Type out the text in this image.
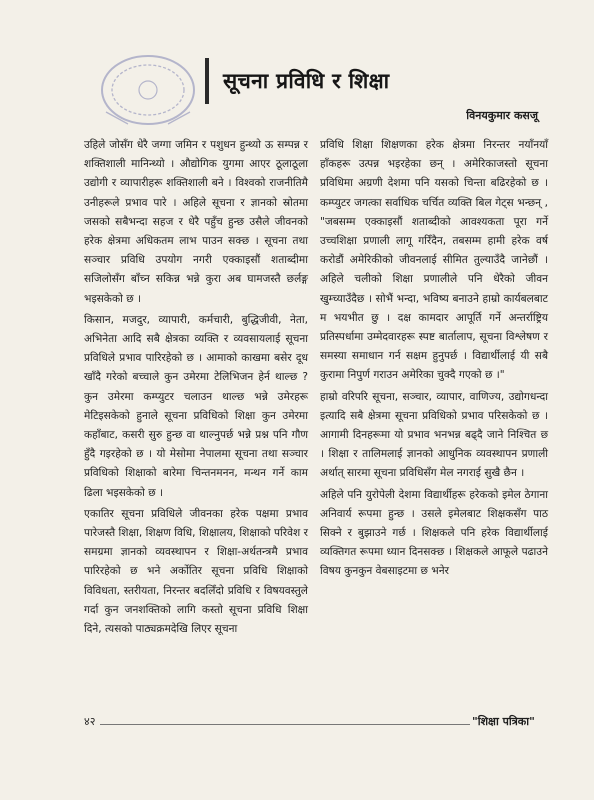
सूचना प्रविधि र शिक्षा
विनयकुमार कसजू

उहिले जोसँग धेरै जग्गा जमिन र पशुधन हुन्थ्यो ऊ सम्पन्न र शक्तिशाली मानिन्थ्यो । औद्योगिक युगमा आएर ठूलाठूला उद्योगी र व्यापारीहरू शक्तिशाली बने । विश्वको राजनीतिमै उनीहरूले प्रभाव पारे । अहिले सूचना र ज्ञानको स्रोतमा जसको सबैभन्दा सहज र धेरै पहुँच हुन्छ उसैले जीवनको हरेक क्षेत्रमा अधिकतम लाभ पाउन सक्छ । सूचना तथा सञ्चार प्रविधि उपयोग नगरी एक्काइसौं शताब्दीमा सजिलोसँग बाँच्न सकिन्न भन्ने कुरा अब घामजस्तै छर्लङ्ग भइसकेको छ ।

किसान, मजदुर, व्यापारी, कर्मचारी, बुद्धिजीवी, नेता, अभिनेता आदि सबै क्षेत्रका व्यक्ति र व्यवसायलाई सूचना प्रविधिले प्रभाव पारिरहेको छ । आमाको काखमा बसेर दूध खाँदै गरेको बच्चाले कुन उमेरमा टेलिभिजन हेर्न थाल्छ ? कुन उमेरमा कम्प्युटर चलाउन थाल्छ भन्ने उमेरहरू मेटिइसकेको हुनाले सूचना प्रविधिको शिक्षा कुन उमेरमा कहाँबाट, कसरी सुरु हुन्छ वा थाल्नुपर्छ भन्ने प्रश्न पनि गौण हुँदै गइरहेको छ । यो मेसोमा नेपालमा सूचना तथा सञ्चार प्रविधिको शिक्षाको बारेमा चिन्तनमनन, मन्थन गर्ने काम ढिला भइसकेको छ ।

एकातिर सूचना प्रविधिले जीवनका हरेक पक्षमा प्रभाव पारेजस्तै शिक्षा, शिक्षण विधि, शिक्षालय, शिक्षाको परिवेश र समग्रमा ज्ञानको व्यवस्थापन र शिक्षा-अर्थतन्त्रमै प्रभाव पारिरहेको छ भने अर्कोतिर सूचना प्रविधि शिक्षाको विविधता, स्तरीयता, निरन्तर बदलिँदो प्रविधि र विषयवस्तुले गर्दा कुन जनशक्तिको लागि कस्तो सूचना प्रविधि शिक्षा दिने, त्यसको पाठ्यक्रमदेखि लिएर सूचना

प्रविधि शिक्षा शिक्षणका हरेक क्षेत्रमा निरन्तर नयाँनयाँ हाँकहरू उत्पन्न भइरहेका छन् । अमेरिकाजस्तो सूचना प्रविधिमा अग्रणी देशमा पनि यसको चिन्ता बढिरहेको छ । कम्प्युटर जगत्का सर्वाधिक चर्चित व्यक्ति बिल गेट्स भन्छन् , "जबसम्म एक्काइसौं शताब्दीको आवश्यकता पूरा गर्ने उच्चशिक्षा प्रणाली लागू गरिँदैन, तबसम्म हामी हरेक वर्ष करोडौं अमेरिकीको जीवनलाई सीमित तुल्याउँदै जानेछौं । अहिले चलीको शिक्षा प्रणालीले पनि धेरैको जीवन खुम्च्याउँदैछ । सोभैं भन्दा, भविष्य बनाउने हाम्रो कार्यबलबाट म भयभीत छु । दक्ष कामदार आपूर्ति गर्ने अन्तर्राष्ट्रिय प्रतिस्पर्धामा उम्मेदवारहरू स्पष्ट बार्तालाप, सूचना विश्लेषण र समस्या समाधान गर्न सक्षम हुनुपर्छ । विद्यार्थीलाई यी सबै कुरामा निपुर्ण गराउन अमेरिका चुक्दै गएको छ ।"

हाम्रो वरिपरि सूचना, सञ्चार, व्यापार, वाणिज्य, उद्योगधन्दा इत्यादि सबै क्षेत्रमा सूचना प्रविधिको प्रभाव परिसकेको छ । आगामी दिनहरूमा यो प्रभाव भनभन्न बढ्दै जाने निश्चित छ । शिक्षा र तालिमलाई ज्ञानको आधुनिक व्यवस्थापन प्रणाली अर्थात् सारमा सूचना प्रविधिसँग मेल नगराई सुखै छैन ।

अहिले पनि युरोपेली देशमा विद्यार्थीहरू हरेकको इमेल ठेगाना अनिवार्य रूपमा हुन्छ । उसले इमेलबाट शिक्षकसँग पाठ सिक्ने र बुझाउने गर्छ । शिक्षकले पनि हरेक विद्यार्थीलाई व्यक्तिगत रूपमा ध्यान दिनसक्छ । शिक्षकले आफूले पढाउने विषय कुनकुन वेबसाइटमा छ भनेर

४२	"शिक्षा पत्रिका"
